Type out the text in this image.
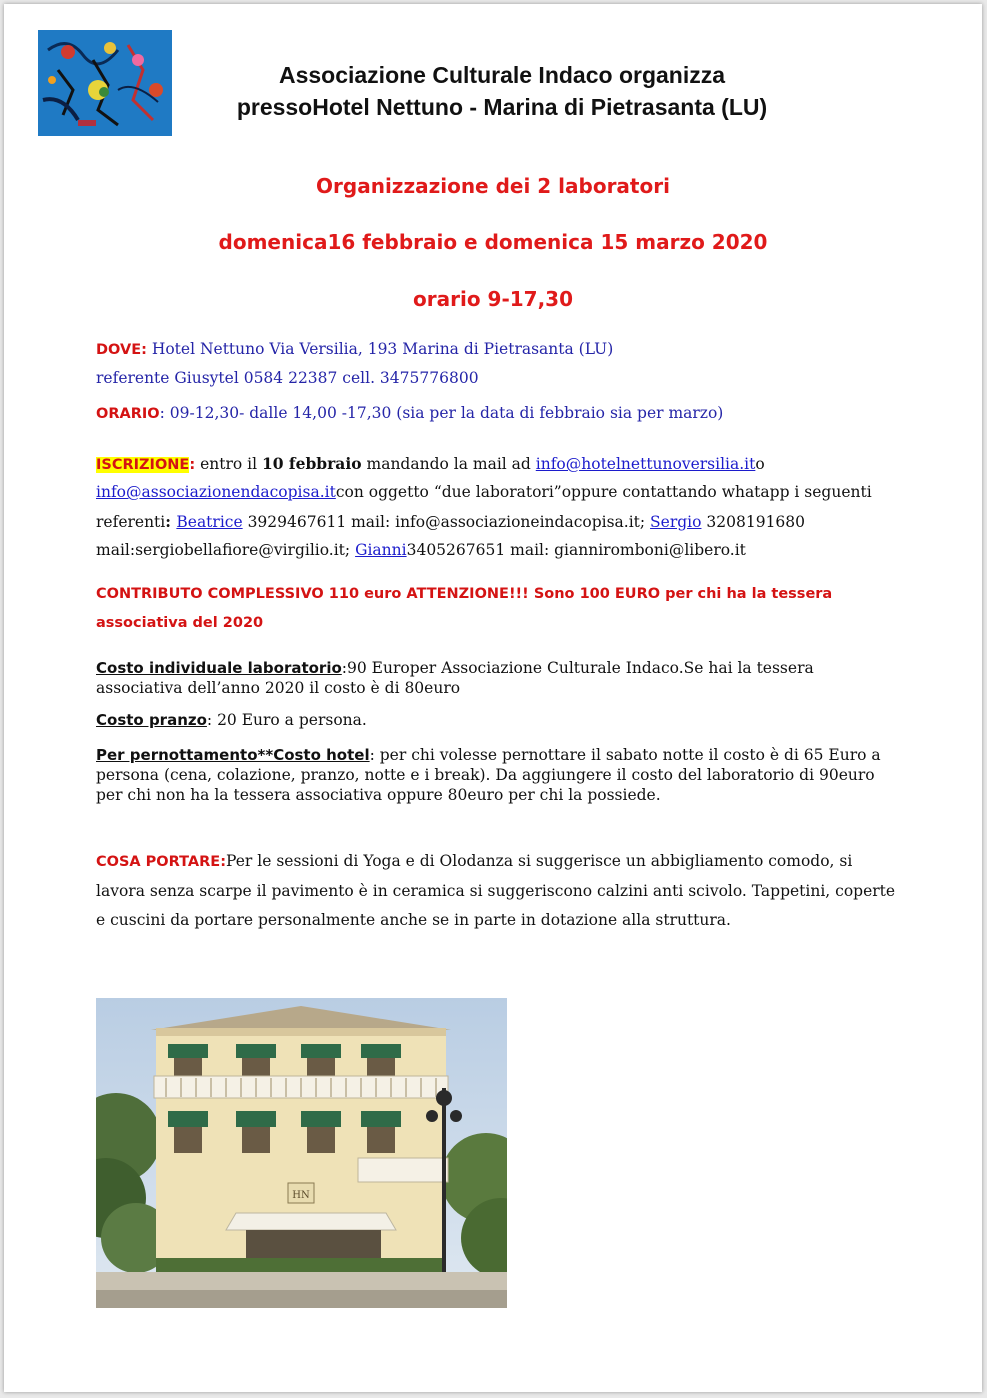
Associazione Culturale Indaco organizza
pressoHotel Nettuno - Marina di Pietrasanta (LU)
Organizzazione dei 2 laboratori
domenica16 febbraio e domenica 15 marzo 2020
orario 9-17,30
DOVE: Hotel Nettuno Via Versilia, 193 Marina di Pietrasanta (LU)
referente Giusytel 0584 22387 cell. 3475776800
ORARIO: 09-12,30- dalle 14,00 -17,30 (sia per la data di febbraio sia per marzo)
ISCRIZIONE: entro il 10 febbraio mandando la mail ad info@hotelnettunoversilia.ito
info@associazionendacopisa.itcon oggetto “due laboratori”oppure contattando whatapp i seguenti
referenti: Beatrice 3929467611 mail: info@associazioneindacopisa.it; Sergio 3208191680
mail:sergiobellafiore@virgilio.it; Gianni3405267651 mail: gianniromboni@libero.it
CONTRIBUTO COMPLESSIVO 110 euro ATTENZIONE!!! Sono 100 EURO per chi ha la tessera
associativa del 2020
Costo individuale laboratorio:90 Europer Associazione Culturale Indaco.Se hai la tessera associativa dell’anno 2020 il costo è di 80euro
Costo pranzo: 20 Euro a persona.
Per pernottamento**Costo hotel: per chi volesse pernottare il sabato notte il costo è di 65 Euro a persona (cena, colazione, pranzo, notte e i break). Da aggiungere il costo del laboratorio di 90euro per chi non ha la tessera associativa oppure 80euro per chi la possiede.
COSA PORTARE:Per le sessioni di Yoga e di Olodanza si suggerisce un abbigliamento comodo, si lavora senza scarpe il pavimento è in ceramica si suggeriscono calzini anti scivolo. Tappetini, coperte e cuscini da portare personalmente anche se in parte in dotazione alla struttura.
HN
